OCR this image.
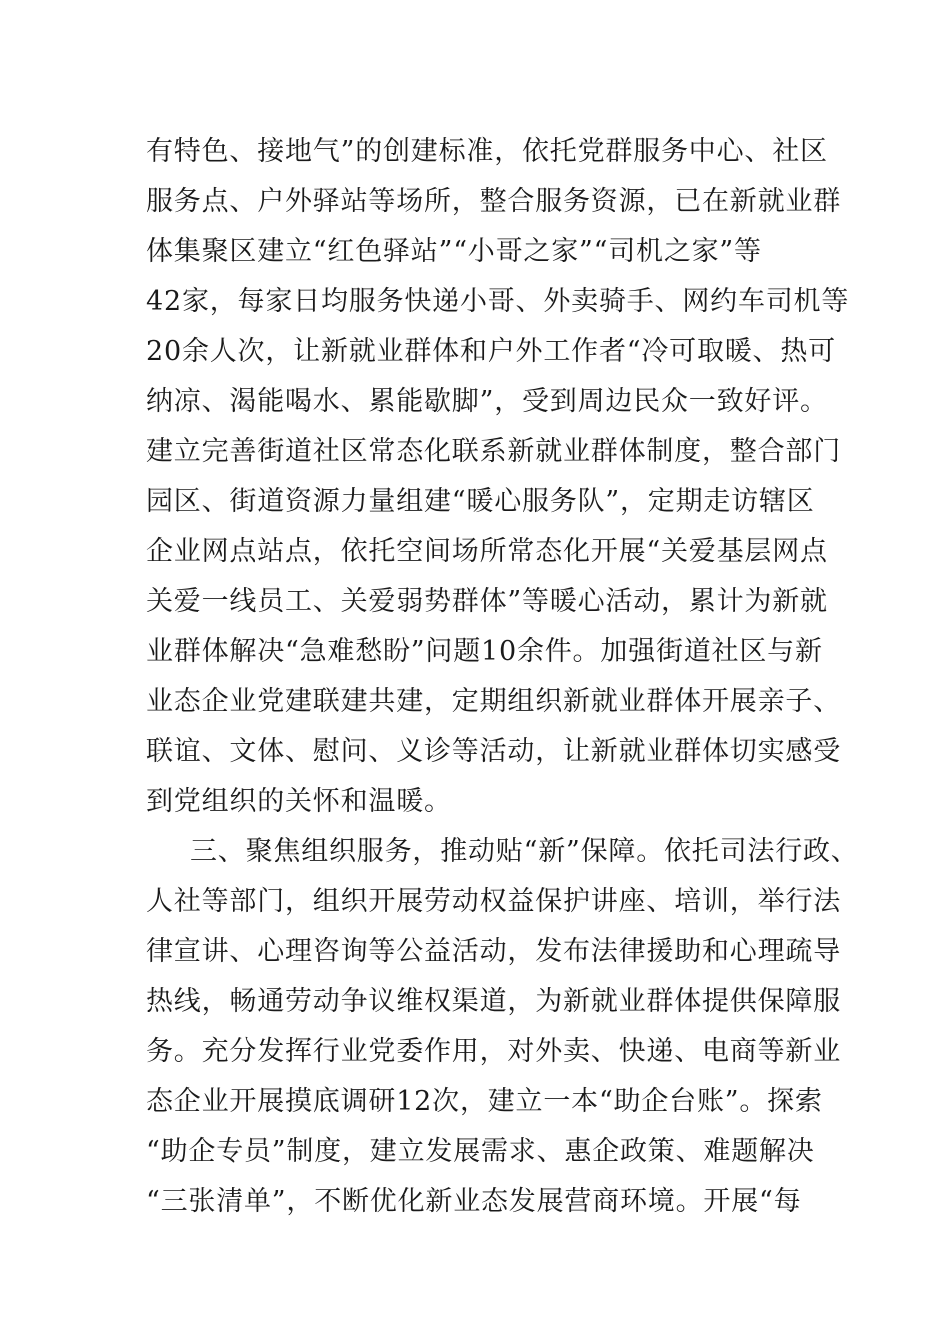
有特色、接地气”的创建标准，依托党群服务中心、社区
服务点、户外驿站等场所，整合服务资源，已在新就业群
体集聚区建立“红色驿站”“小哥之家”“司机之家”等
42家，每家日均服务快递小哥、外卖骑手、网约车司机等
20余人次，让新就业群体和户外工作者“冷可取暖、热可
纳凉、渴能喝水、累能歇脚”，受到周边民众一致好评。
建立完善街道社区常态化联系新就业群体制度，整合部门
园区、街道资源力量组建“暖心服务队”，定期走访辖区
企业网点站点，依托空间场所常态化开展“关爱基层网点
关爱一线员工、关爱弱势群体”等暖心活动，累计为新就
业群体解决“急难愁盼”问题10余件。加强街道社区与新
业态企业党建联建共建，定期组织新就业群体开展亲子、
联谊、文体、慰问、义诊等活动，让新就业群体切实感受
到党组织的关怀和温暖。
三、聚焦组织服务，推动贴“新”保障。依托司法行政、
人社等部门，组织开展劳动权益保护讲座、培训，举行法
律宣讲、心理咨询等公益活动，发布法律援助和心理疏导
热线，畅通劳动争议维权渠道，为新就业群体提供保障服
务。充分发挥行业党委作用，对外卖、快递、电商等新业
态企业开展摸底调研12次，建立一本“助企台账”。探索
“助企专员”制度，建立发展需求、惠企政策、难题解决
“三张清单”，不断优化新业态发展营商环境。开展“每
